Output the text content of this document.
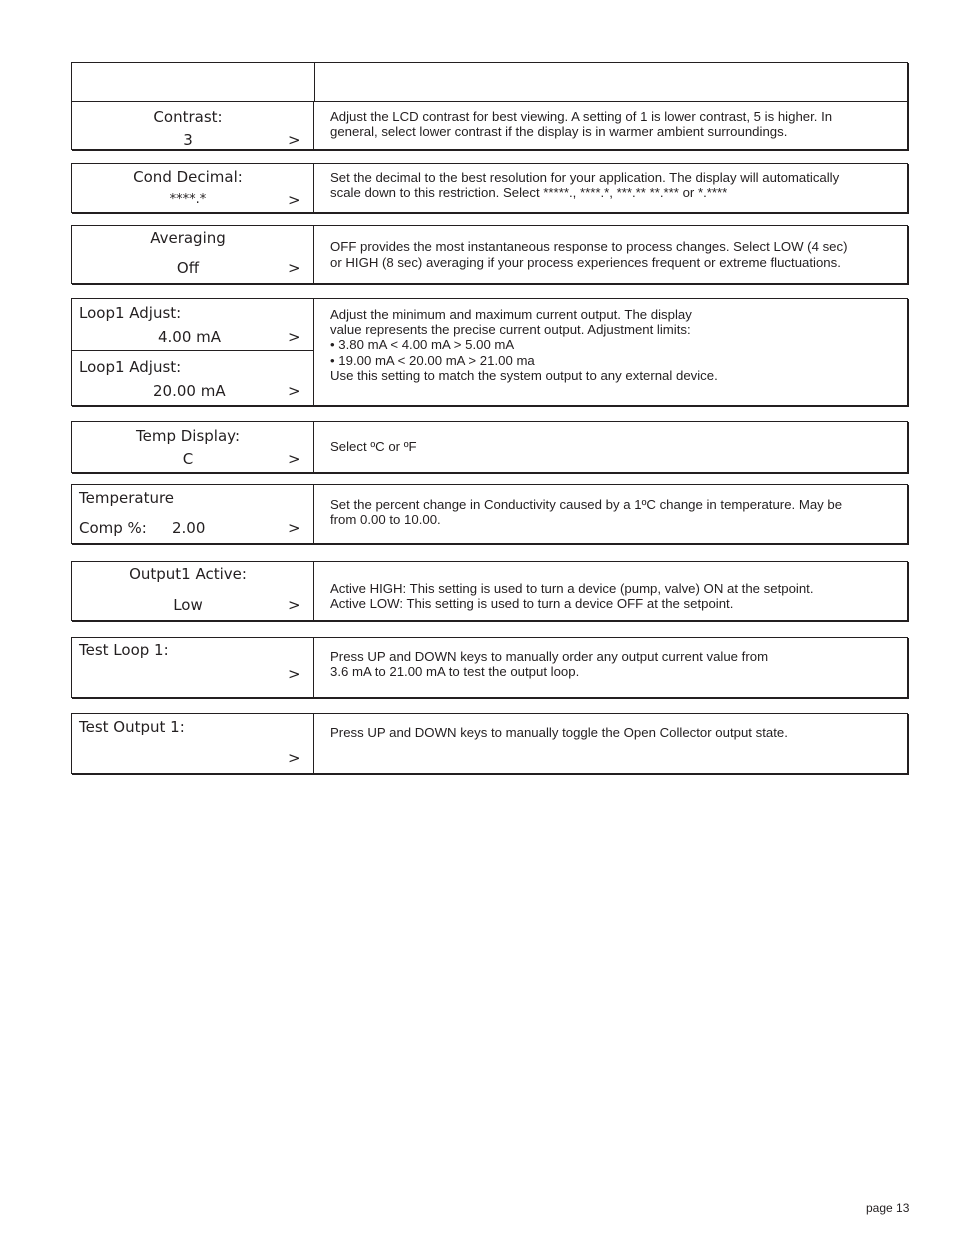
Contrast:
3	>
Adjust the LCD contrast for best viewing. A setting of 1 is lower contrast, 5 is higher. In
general, select lower contrast if the display is in warmer ambient surroundings.
Cond Decimal:
****.*	>
Set the decimal to the best resolution for your application. The display will automatically
scale down to this restriction. Select *****., ****.*, ***.** **.*** or *.****
Averaging
Off	>
OFF provides the most instantaneous response to process changes. Select LOW (4 sec)
or HIGH (8 sec) averaging if your process experiences frequent or extreme fluctuations.
Loop1 Adjust:
4.00 mA	>
Loop1 Adjust:
20.00 mA	>
Adjust the minimum and maximum current output. The display
value represents the precise current output. Adjustment limits:
• 3.80 mA < 4.00 mA > 5.00 mA
• 19.00 mA < 20.00 mA > 21.00 ma
Use this setting to match the system output to any external device.
Temp Display:
C	>
Select ºC or ºF
Temperature
Comp %: 2.00	>
Set the percent change in Conductivity caused by a 1ºC change in temperature. May be
from 0.00 to 10.00.
Output1 Active:
Low	>
Active HIGH: This setting is used to turn a device (pump, valve) ON at the setpoint.
Active LOW: This setting is used to turn a device OFF at the setpoint.
Test Loop 1:
>
Press UP and DOWN keys to manually order any output current value from
3.6 mA to 21.00 mA to test the output loop.
Test Output 1:
>
Press UP and DOWN keys to manually toggle the Open Collector output state.
page 13
